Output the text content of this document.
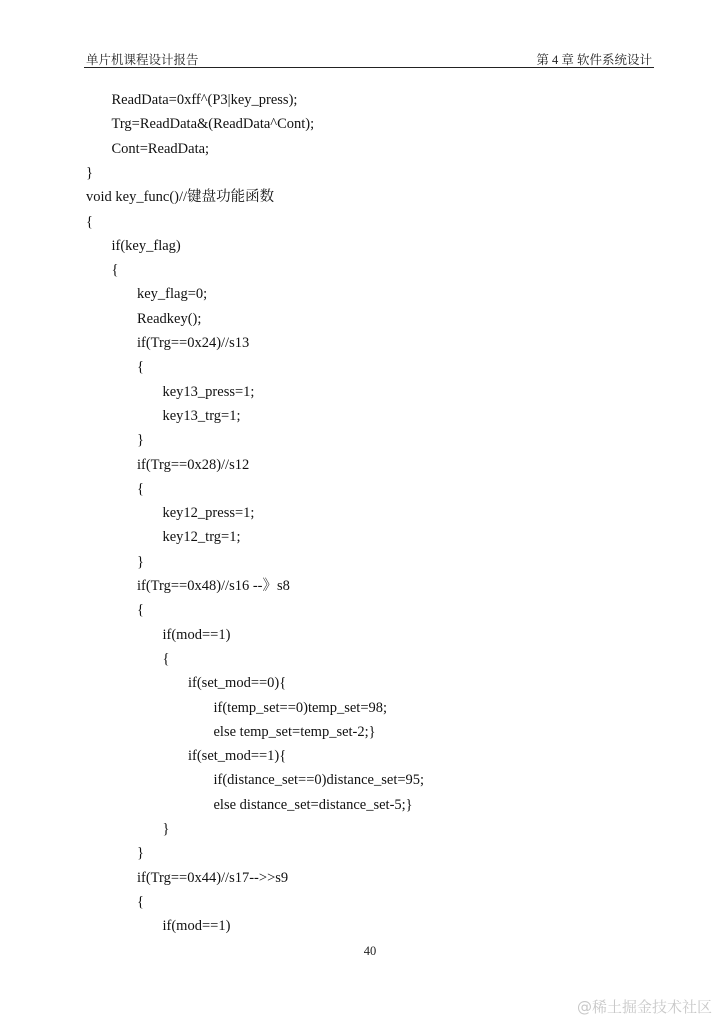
单片机课程设计报告	第 4 章 软件系统设计
ReadData=0xff^(P3|key_press);
Trg=ReadData&(ReadData^Cont);
Cont=ReadData;
}
void key_func()//键盘功能函数
{
if(key_flag)
{
key_flag=0;
Readkey();
if(Trg==0x24)//s13
{
key13_press=1;
key13_trg=1;
}
if(Trg==0x28)//s12
{
key12_press=1;
key12_trg=1;
}
if(Trg==0x48)//s16 --》s8
{
if(mod==1)
{
if(set_mod==0){
if(temp_set==0)temp_set=98;
else temp_set=temp_set-2;}
if(set_mod==1){
if(distance_set==0)distance_set=95;
else distance_set=distance_set-5;}
}
}
if(Trg==0x44)//s17-->>s9
{
if(mod==1)
40
@稀土掘金技术社区
